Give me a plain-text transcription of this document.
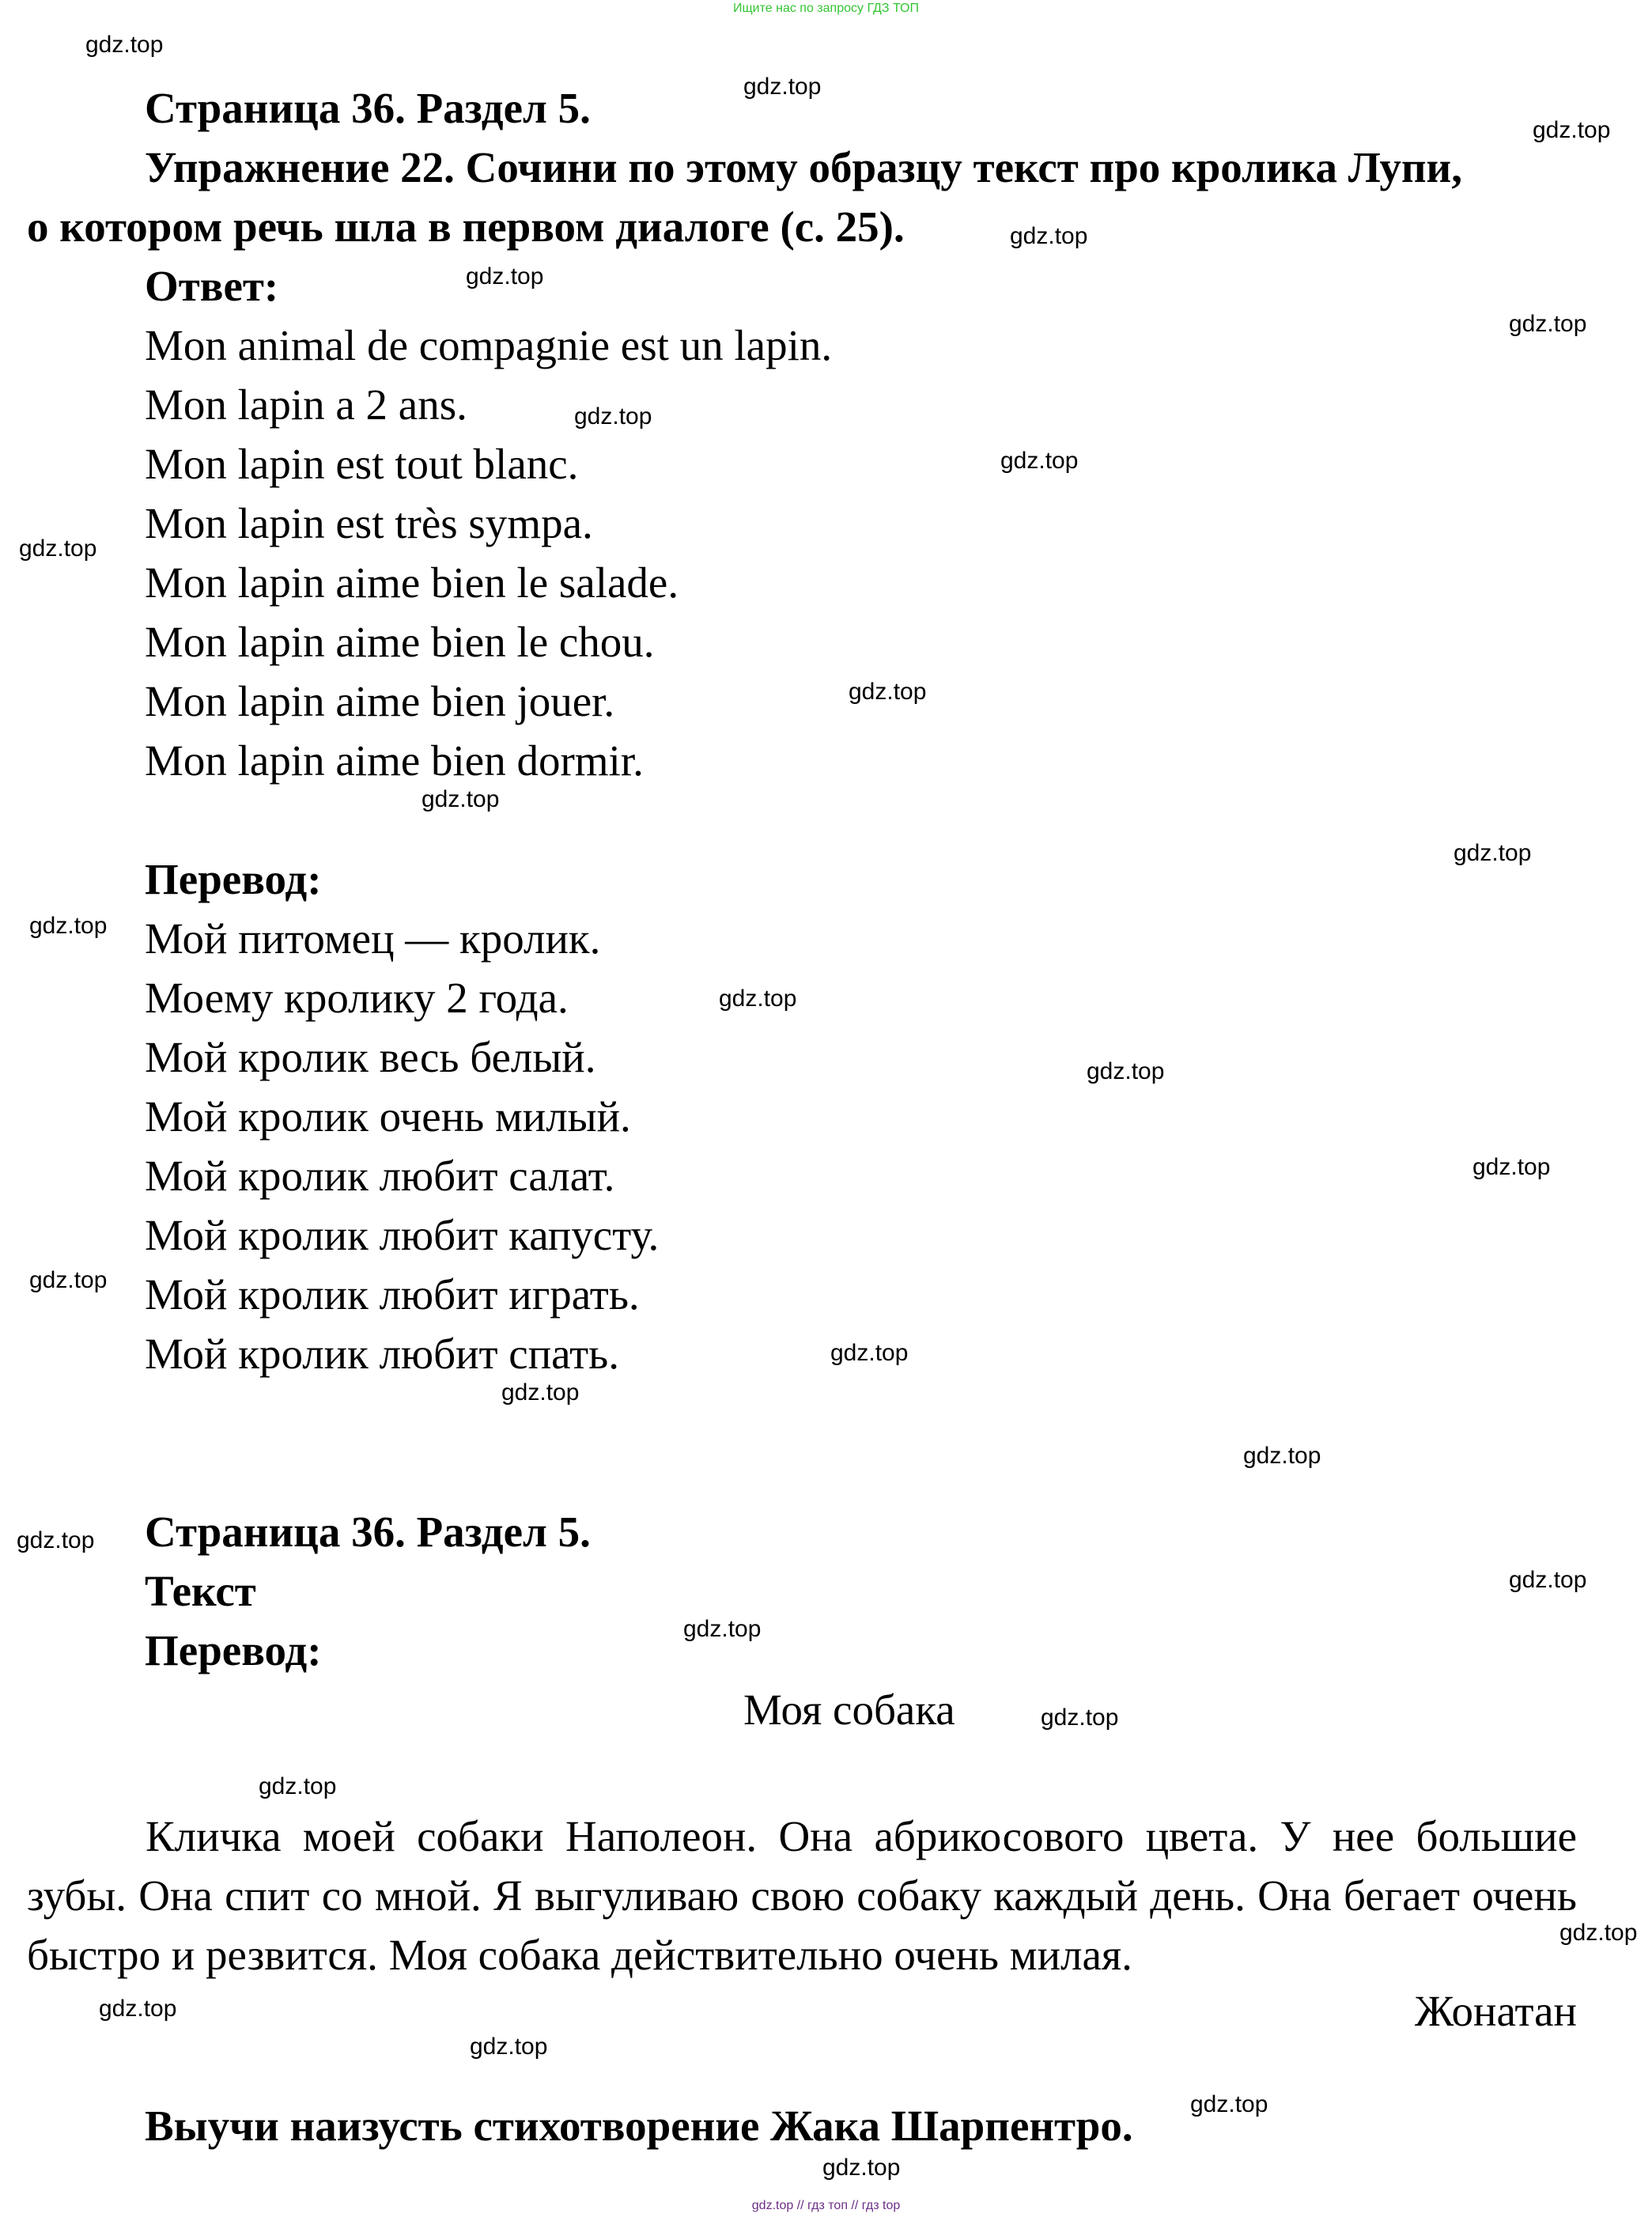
Ищите нас по запросу ГДЗ ТОП
Страница 36. Раздел 5.
Упражнение 22. Сочини по этому образцу текст про кролика Лупи,
о котором речь шла в первом диалоге (с. 25).
Ответ:
Mon animal de compagnie est un lapin.
Mon lapin a 2 ans.
Mon lapin est tout blanc.
Mon lapin est très sympa.
Mon lapin aime bien le salade.
Mon lapin aime bien le chou.
Mon lapin aime bien jouer.
Mon lapin aime bien dormir.
Перевод:
Мой питомец — кролик.
Моему кролику 2 года.
Мой кролик весь белый.
Мой кролик очень милый.
Мой кролик любит салат.
Мой кролик любит капусту.
Мой кролик любит играть.
Мой кролик любит спать.
Страница 36. Раздел 5.
Текст
Перевод:
Моя собака
Кличка моей собаки Наполеон. Она абрикосового цвета. У нее большие зубы. Она спит со мной. Я выгуливаю свою собаку каждый день. Она бегает очень быстро и резвится. Моя собака действительно очень милая.
Жонатан
Выучи наизусть стихотворение Жака Шарпентро.
gdz.top
gdz.top
gdz.top
gdz.top
gdz.top
gdz.top
gdz.top
gdz.top
gdz.top
gdz.top
gdz.top
gdz.top
gdz.top
gdz.top
gdz.top
gdz.top
gdz.top
gdz.top
gdz.top
gdz.top
gdz.top
gdz.top
gdz.top
gdz.top
gdz.top
gdz.top
gdz.top
gdz.top
gdz.top
gdz.top
gdz.top // гдз топ // гдз top
